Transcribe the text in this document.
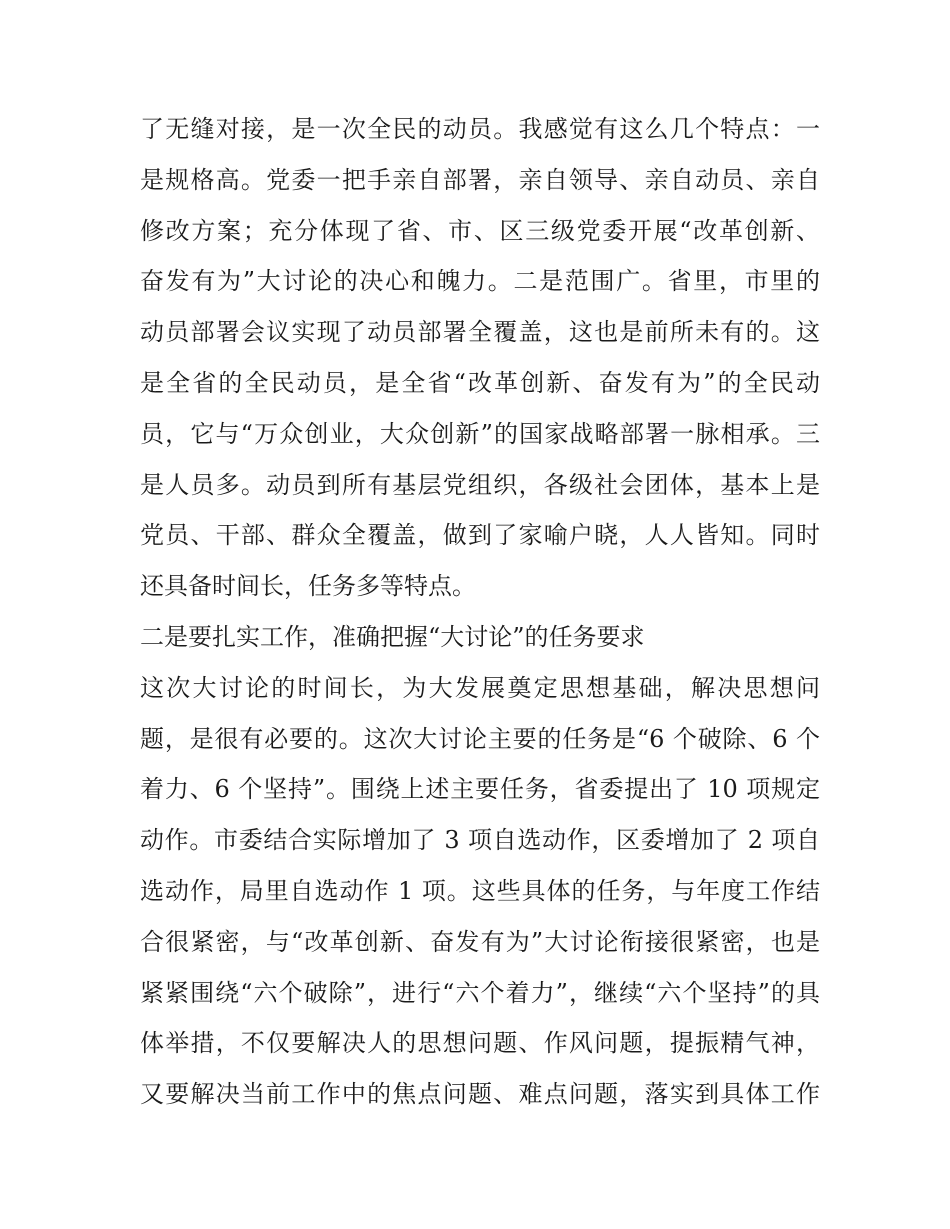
了无缝对接，是一次全民的动员。我感觉有这么几个特点：一
是规格高。党委一把手亲自部署，亲自领导、亲自动员、亲自
修改方案；充分体现了省、市、区三级党委开展“改革创新、
奋发有为”大讨论的决心和魄力。二是范围广。省里，市里的
动员部署会议实现了动员部署全覆盖，这也是前所未有的。这
是全省的全民动员，是全省“改革创新、奋发有为”的全民动
员，它与“万众创业，大众创新”的国家战略部署一脉相承。三
是人员多。动员到所有基层党组织，各级社会团体，基本上是
党员、干部、群众全覆盖，做到了家喻户晓，人人皆知。同时
还具备时间长，任务多等特点。
二是要扎实工作，准确把握“大讨论”的任务要求
这次大讨论的时间长，为大发展奠定思想基础，解决思想问
题，是很有必要的。这次大讨论主要的任务是“6 个破除、6 个
着力、6 个坚持”。围绕上述主要任务，省委提出了 10 项规定
动作。市委结合实际增加了 3 项自选动作，区委增加了 2 项自
选动作，局里自选动作 1 项。这些具体的任务，与年度工作结
合很紧密，与“改革创新、奋发有为”大讨论衔接很紧密，也是
紧紧围绕“六个破除”，进行“六个着力”，继续“六个坚持”的具
体举措，不仅要解决人的思想问题、作风问题，提振精气神，
又要解决当前工作中的焦点问题、难点问题，落实到具体工作
